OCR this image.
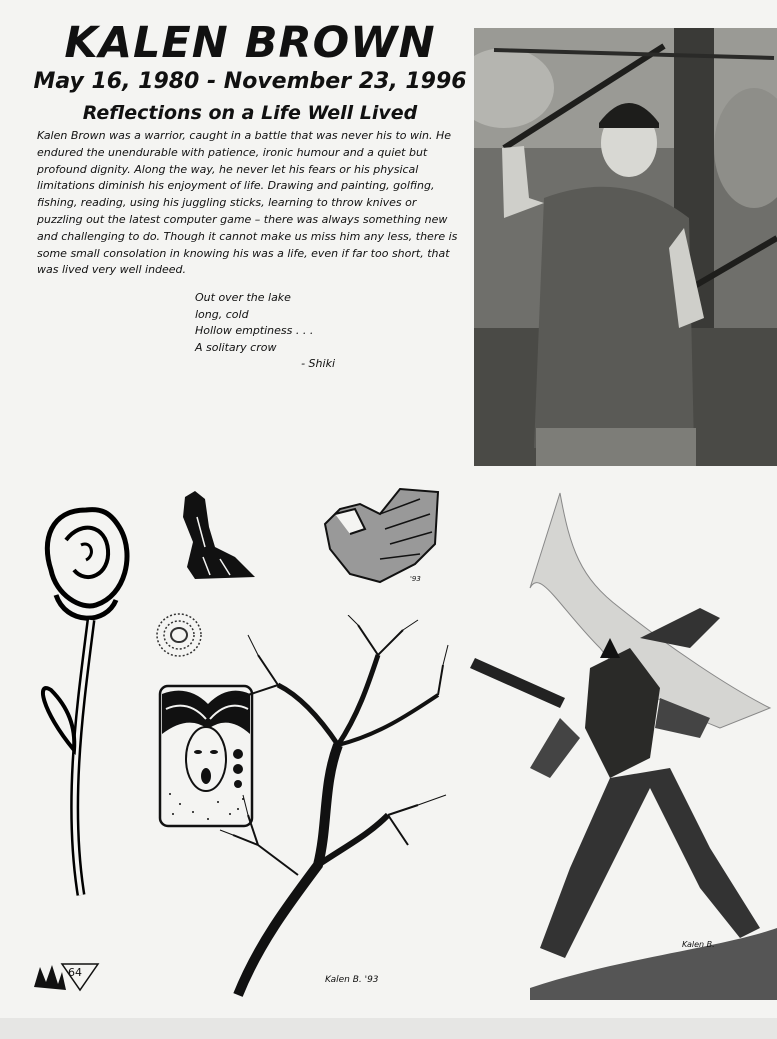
KALEN BROWN
May 16, 1980 - November 23, 1996
Reflections on a Life Well Lived

Kalen Brown was a warrior, caught in a battle that was never his to win. He endured the unendurable with patience, ironic humour and a quiet but profound dignity. Along the way, he never let his fears or his physical limitations diminish his enjoyment of life. Drawing and painting, golfing, fishing, reading, using his juggling sticks, learning to throw knives or puzzling out the latest computer game – there was always something new and challenging to do. Though it cannot make us miss him any less, there is some small consolation in knowing his was a life, even if far too short, that was lived very well indeed.

Out over the lake
long, cold
Hollow emptiness . . .
A solitary crow
- Shiki
'93
Kalen B. '93
Kalen B.
64
